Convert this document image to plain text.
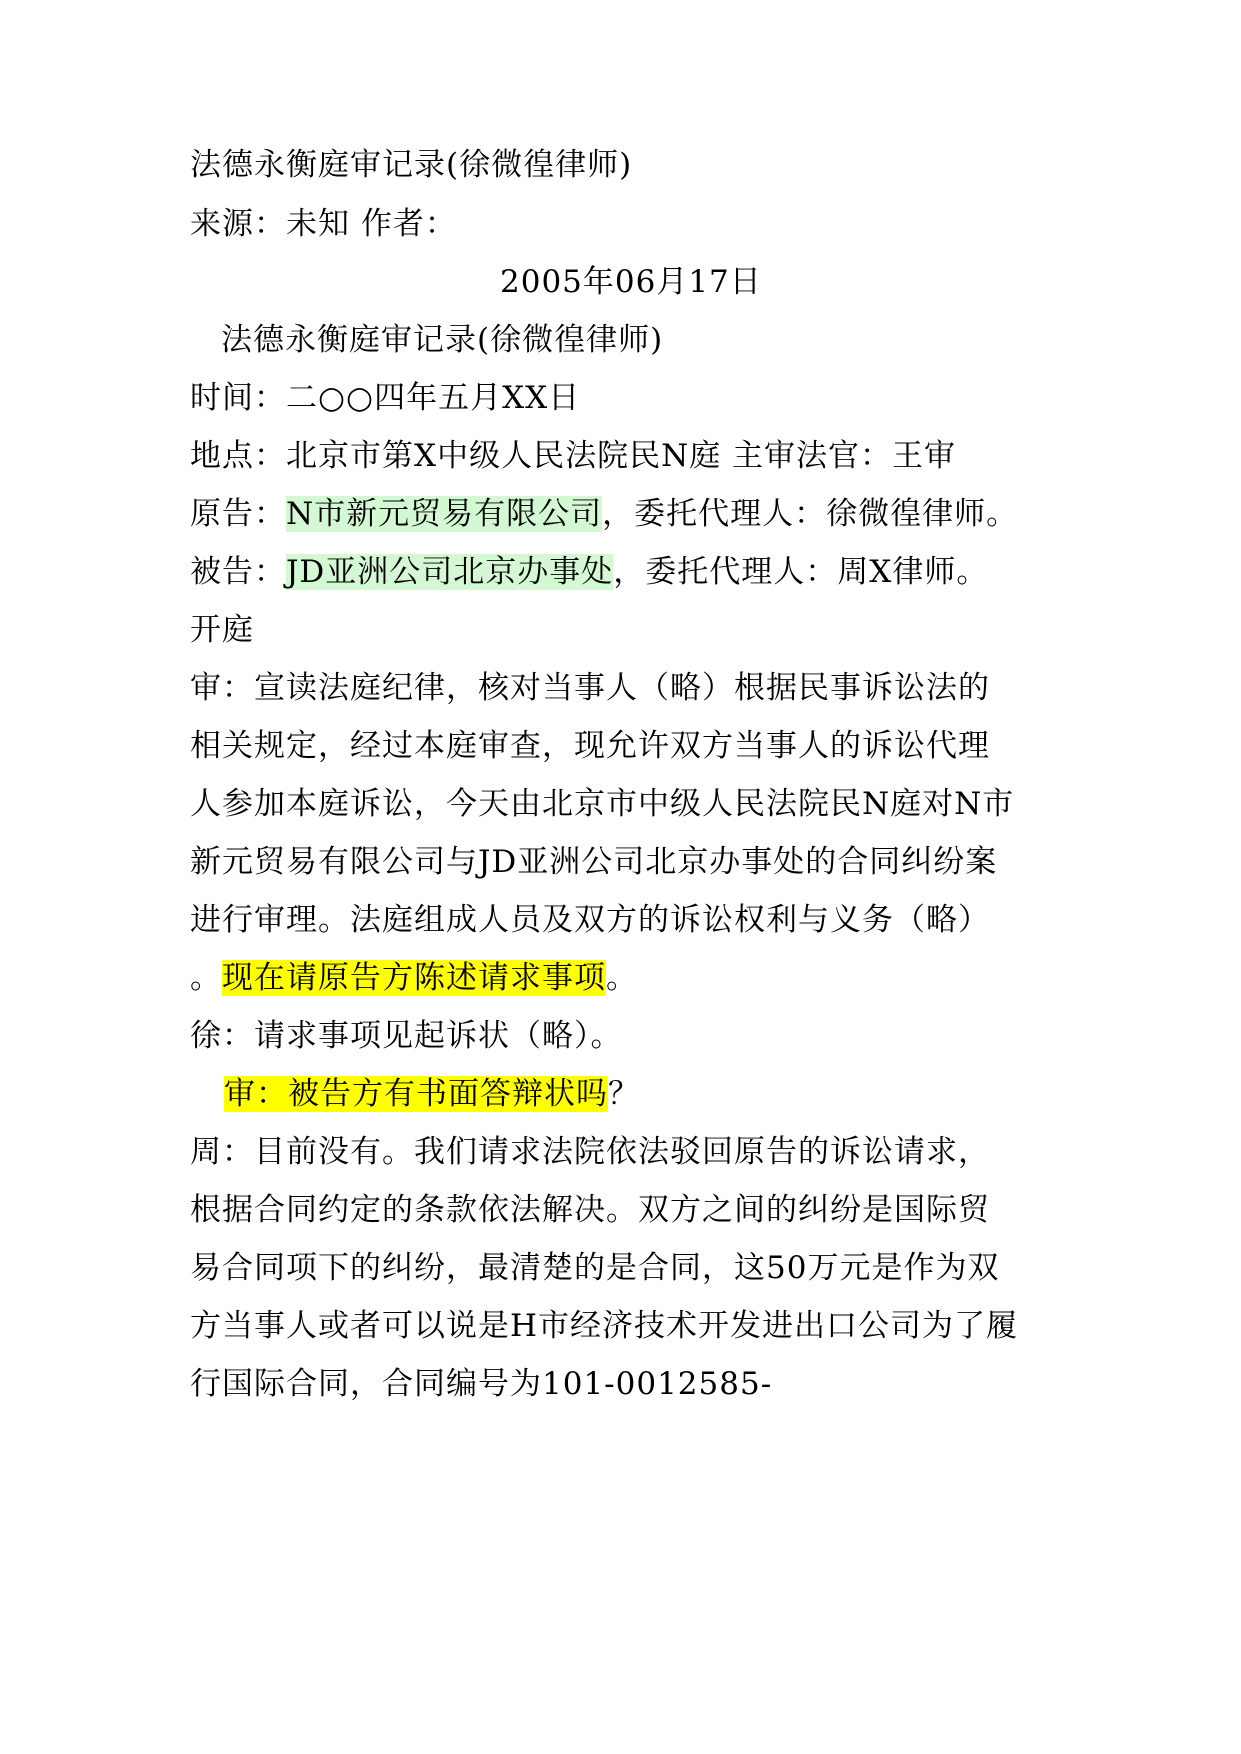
法德永衡庭审记录(徐微徨律师)
来源：未知 作者：
2005年06月17日
法德永衡庭审记录(徐微徨律师)
时间：二○○四年五月XX日
地点：北京市第X中级人民法院民N庭 主审法官：王审
原告：N市新元贸易有限公司，委托代理人：徐微徨律师。
被告：JD亚洲公司北京办事处，委托代理人：周X律师。
开庭
审：宣读法庭纪律，核对当事人（略）根据民事诉讼法的
相关规定，经过本庭审查，现允许双方当事人的诉讼代理
人参加本庭诉讼，今天由北京市中级人民法院民N庭对N市
新元贸易有限公司与JD亚洲公司北京办事处的合同纠纷案
进行审理。法庭组成人员及双方的诉讼权利与义务（略）
。现在请原告方陈述请求事项。
徐：请求事项见起诉状（略）。
审：被告方有书面答辩状吗？
周：目前没有。我们请求法院依法驳回原告的诉讼请求，
根据合同约定的条款依法解决。双方之间的纠纷是国际贸
易合同项下的纠纷，最清楚的是合同，这50万元是作为双
方当事人或者可以说是H市经济技术开发进出口公司为了履
行国际合同，合同编号为101-0012585-
